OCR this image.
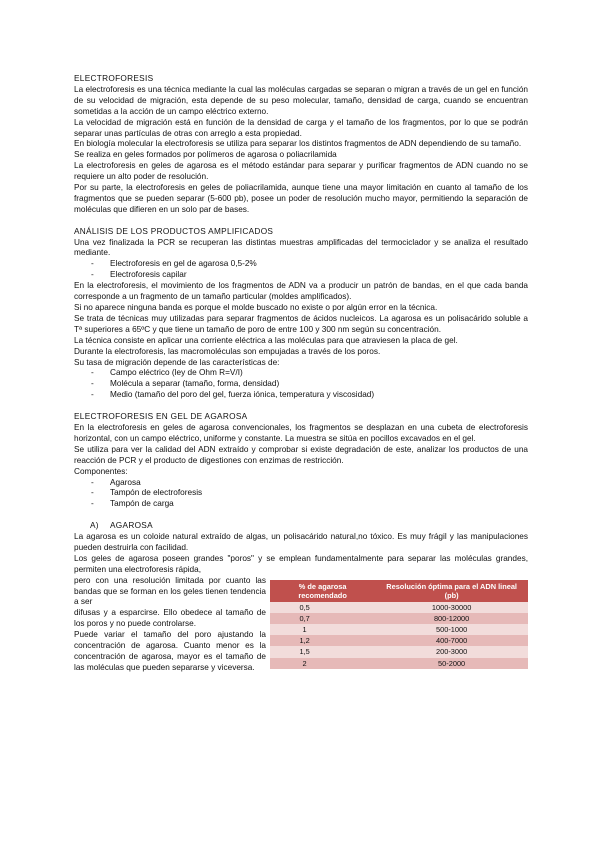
ELECTROFORESIS

La electroforesis es una técnica mediante la cual las moléculas cargadas se separan o migran a través de un gel en función de su velocidad de migración, esta depende de su peso molecular, tamaño, densidad de carga, cuando se encuentran sometidas a la acción de un campo eléctrico externo.

La velocidad de migración está en función de la densidad de carga y el tamaño de los fragmentos, por lo que se podrán separar unas partículas de otras con arreglo a esta propiedad.

En biología molecular la electroforesis se utiliza para separar los distintos fragmentos de ADN dependiendo de su tamaño.

Se realiza en geles formados por polímeros de agarosa o poliacrilamida

La electroforesis en geles de agarosa es el método estándar para separar y purificar fragmentos de ADN cuando no se requiere un alto poder de resolución.

Por su parte, la electroforesis en geles de poliacrilamida, aunque tiene una mayor limitación en cuanto al tamaño de los fragmentos que se pueden separar (5-600 pb), posee un poder de resolución mucho mayor, permitiendo la separación de moléculas que difieren en un solo par de bases.

ANÁLISIS DE LOS PRODUCTOS AMPLIFICADOS

Una vez finalizada la PCR se recuperan las distintas muestras amplificadas del termociclador y se analiza el resultado mediante.

- Electroforesis en gel de agarosa 0,5-2%
- Electroforesis capilar

En la electroforesis, el movimiento de los fragmentos de ADN va a producir un patrón de bandas, en el que cada banda corresponde a un fragmento de un tamaño particular (moldes amplificados).

Si no aparece ninguna banda es porque el molde buscado no existe o por algún error en la técnica.

Se trata de técnicas muy utilizadas para separar fragmentos de ácidos nucleicos. La agarosa es un polisacárido soluble a Tª superiores a 65ºC y que tiene un tamaño de poro de entre 100 y 300 nm según su concentración.

La técnica consiste en aplicar una corriente eléctrica a las moléculas para que atraviesen la placa de gel.

Durante la electroforesis, las macromoléculas son empujadas a través de los poros.

Su tasa de migración depende de las características de:

- Campo eléctrico (ley de Ohm R=V/I)
- Molécula a separar (tamaño, forma, densidad)
- Medio (tamaño del poro del gel, fuerza iónica, temperatura y viscosidad)

ELECTROFORESIS EN GEL DE AGAROSA

En la electroforesis en geles de agarosa convencionales, los fragmentos se desplazan en una cubeta de electroforesis horizontal, con un campo eléctrico, uniforme y constante. La muestra se sitúa en pocillos excavados en el gel.

Se utiliza para ver la calidad del ADN extraído y comprobar si existe degradación de este, analizar los productos de una reacción de PCR y el producto de digestiones con enzimas de restricción.

Componentes:

- Agarosa
- Tampón de electroforesis
- Tampón de carga
A)	AGAROSA

La agarosa es un coloide natural extraído de algas, un polisacárido natural,no tóxico. Es muy frágil y las manipulaciones pueden destruirla con facilidad.

Los geles de agarosa poseen grandes "poros" y se emplean fundamentalmente para separar las moléculas grandes, permiten una electroforesis rápida,

pero con una resolución limitada por cuanto las bandas que se forman en los geles tienen tendencia a ser

difusas y a esparcirse. Ello obedece al tamaño de los poros y no puede controlarse.

Puede variar el tamaño del poro ajustando la concentración de agarosa. Cuanto menor es la concentración de agarosa, mayor es el tamaño de las moléculas que pueden separarse y viceversa.

% de agarosa recomendado	Resolución óptima para el ADN lineal (pb)
0,5	1000-30000
0,7	800-12000
1	500-1000
1,2	400-7000
1,5	200-3000
2	50-2000
